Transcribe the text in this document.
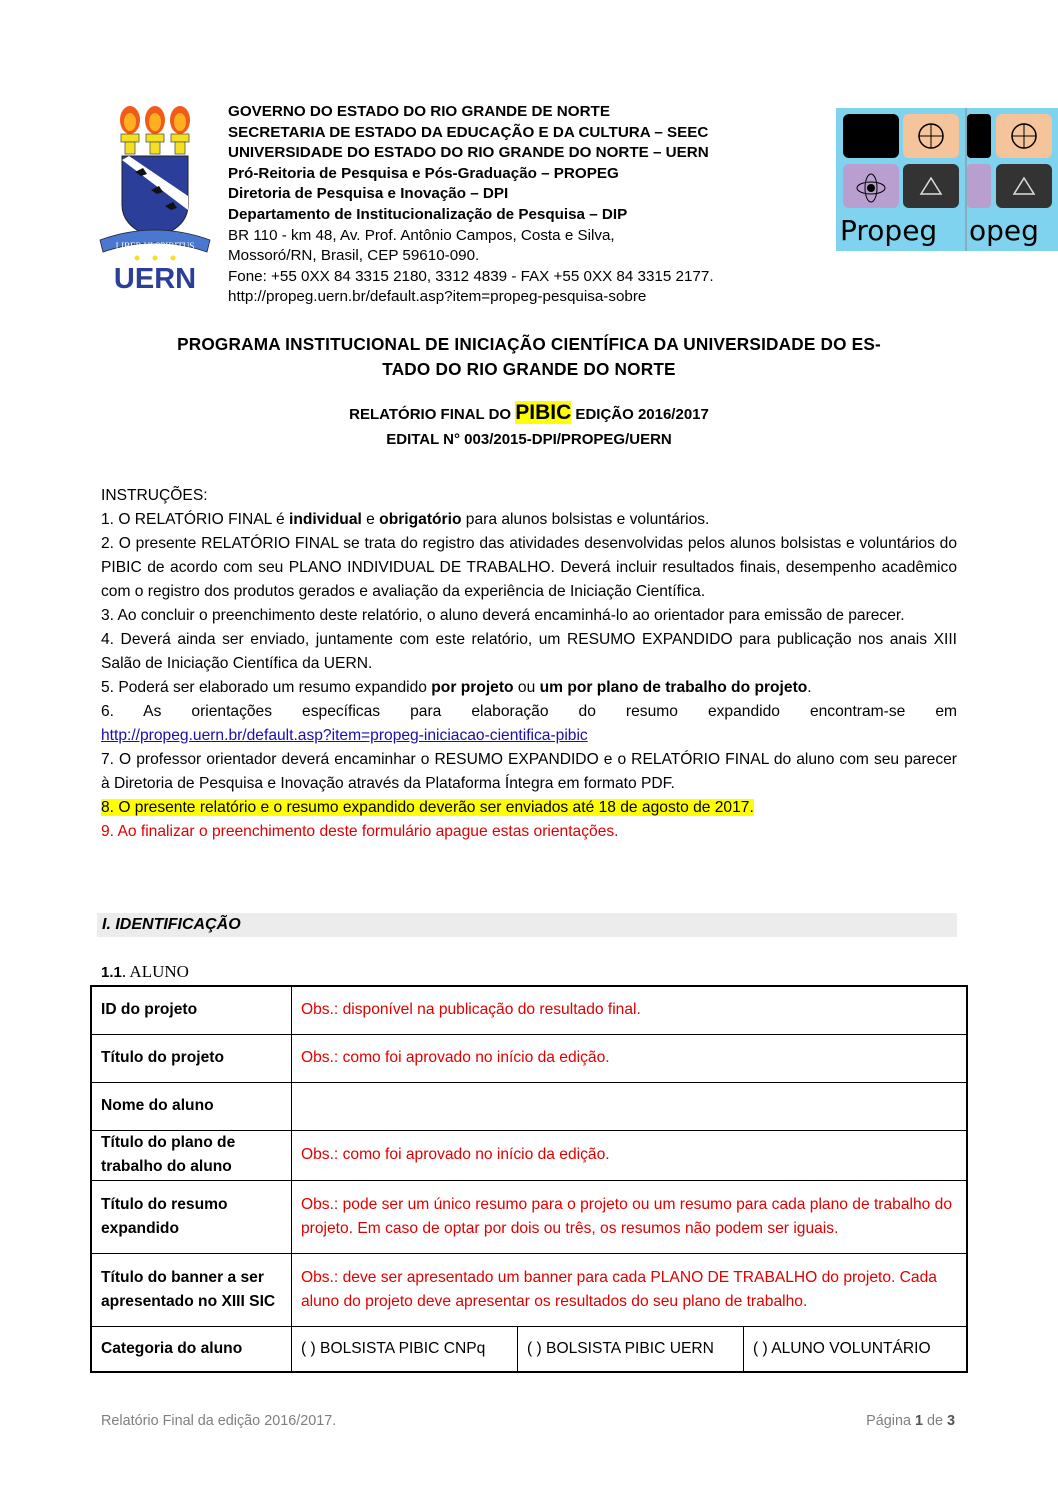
LIBER VI SPIRITUS
UERN
GOVERNO DO ESTADO DO RIO GRANDE DE NORTE
SECRETARIA DE ESTADO DA EDUCAÇÃO E DA CULTURA – SEEC
UNIVERSIDADE DO ESTADO DO RIO GRANDE DO NORTE – UERN
Pró-Reitoria de Pesquisa e Pós-Graduação – PROPEG
Diretoria de Pesquisa e Inovação – DPI
Departamento de Institucionalização de Pesquisa – DIP
BR 110 - km 48, Av. Prof. Antônio Campos, Costa e Silva,
Mossoró/RN, Brasil, CEP 59610-090.
Fone: +55 0XX 84 3315 2180, 3312 4839 - FAX +55 0XX 84 3315 2177.
http://propeg.uern.br/default.asp?item=propeg-pesquisa-sobre
Propeg opeg
PROGRAMA INSTITUCIONAL DE INICIAÇÃO CIENTÍFICA DA UNIVERSIDADE DO ES-
TADO DO RIO GRANDE DO NORTE
RELATÓRIO FINAL DO PIBIC EDIÇÃO 2016/2017
EDITAL N° 003/2015-DPI/PROPEG/UERN

INSTRUÇÕES:

1. O RELATÓRIO FINAL é individual e obrigatório para alunos bolsistas e voluntários.

2. O presente RELATÓRIO FINAL se trata do registro das atividades desenvolvidas pelos alunos bolsistas e voluntários do PIBIC de acordo com seu PLANO INDIVIDUAL DE TRABALHO. Deverá incluir resultados finais, desempenho acadêmico com o registro dos produtos gerados e avaliação da experiência de Iniciação Científica.

3. Ao concluir o preenchimento deste relatório, o aluno deverá encaminhá-lo ao orientador para emissão de parecer.

4. Deverá ainda ser enviado, juntamente com este relatório, um RESUMO EXPANDIDO para publicação nos anais XIII Salão de Iniciação Científica da UERN.

5. Poderá ser elaborado um resumo expandido por projeto ou um por plano de trabalho do projeto.

6. As orientações específicas para elaboração do resumo expandido encontram-se em

http://propeg.uern.br/default.asp?item=propeg-iniciacao-cientifica-pibic

7. O professor orientador deverá encaminhar o RESUMO EXPANDIDO e o RELATÓRIO FINAL do aluno com seu parecer à Diretoria de Pesquisa e Inovação através da Plataforma Íntegra em formato PDF.

8. O presente relatório e o resumo expandido deverão ser enviados até 18 de agosto de 2017.

9. Ao finalizar o preenchimento deste formulário apague estas orientações.

I. IDENTIFICAÇÃO
1.1. ALUNO
ID do projeto	Obs.: disponível na publicação do resultado final.		
Título do projeto	Obs.: como foi aprovado no início da edição.		
Nome do aluno			
Título do plano de trabalho do aluno	Obs.: como foi aprovado no início da edição.		
Título do resumo expandido	Obs.: pode ser um único resumo para o projeto ou um resumo para cada plano de trabalho do projeto. Em caso de optar por dois ou três, os resumos não podem ser iguais.		
Título do banner a ser apresentado no XIII SIC	Obs.: deve ser apresentado um banner para cada PLANO DE TRABALHO do projeto. Cada aluno do projeto deve apresentar os resultados do seu plano de trabalho.		
Categoria do aluno	( ) BOLSISTA PIBIC CNPq	( ) BOLSISTA PIBIC UERN	( ) ALUNO VOLUNTÁRIO
Relatório Final da edição 2016/2017.	Página 1 de 3
